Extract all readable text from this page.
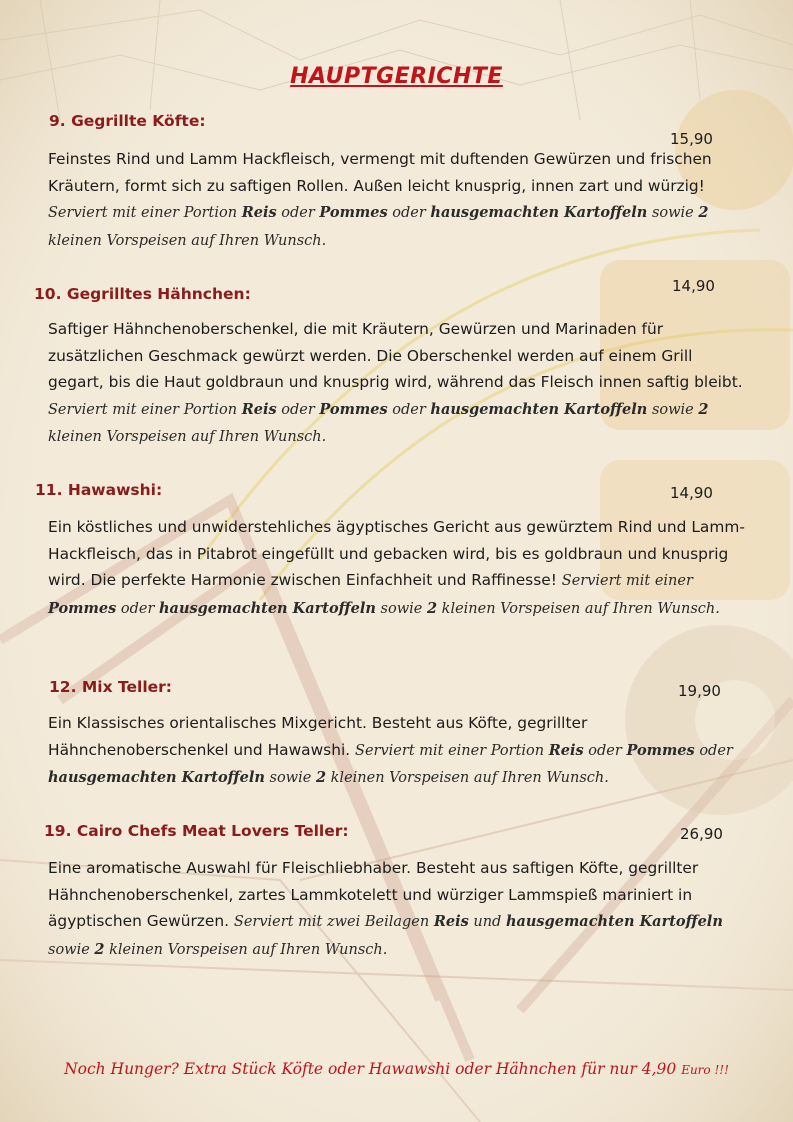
HAUPTGERICHTE
9. Gegrillte Köfte:
15,90
Feinstes Rind und Lamm Hackfleisch, vermengt mit duftenden Gewürzen und frischen Kräutern, formt sich zu saftigen Rollen. Außen leicht knusprig, innen zart und würzig! Serviert mit einer Portion Reis oder Pommes oder hausgemachten Kartoffeln sowie 2 kleinen Vorspeisen auf Ihren Wunsch.
10. Gegrilltes Hähnchen:	14,90
Saftiger Hähnchenoberschenkel, die mit Kräutern, Gewürzen und Marinaden für zusätzlichen Geschmack gewürzt werden. Die Oberschenkel werden auf einem Grill gegart, bis die Haut goldbraun und knusprig wird, während das Fleisch innen saftig bleibt. Serviert mit einer Portion Reis oder Pommes oder hausgemachten Kartoffeln sowie 2 kleinen Vorspeisen auf Ihren Wunsch.
11. Hawawshi:	14,90
Ein köstliches und unwiderstehliches ägyptisches Gericht aus gewürztem Rind und Lamm-Hackfleisch, das in Pitabrot eingefüllt und gebacken wird, bis es goldbraun und knusprig wird. Die perfekte Harmonie zwischen Einfachheit und Raffinesse! Serviert mit einer Pommes oder hausgemachten Kartoffeln sowie 2 kleinen Vorspeisen auf Ihren Wunsch.
12. Mix Teller:	19,90
Ein Klassisches orientalisches Mixgericht. Besteht aus Köfte, gegrillter Hähnchenoberschenkel und Hawawshi. Serviert mit einer Portion Reis oder Pommes oder hausgemachten Kartoffeln sowie 2 kleinen Vorspeisen auf Ihren Wunsch.
19. Cairo Chefs Meat Lovers Teller:	26,90
Eine aromatische Auswahl für Fleischliebhaber. Besteht aus saftigen Köfte, gegrillter Hähnchenoberschenkel, zartes Lammkotelett und würziger Lammspieß mariniert in ägyptischen Gewürzen. Serviert mit zwei Beilagen Reis und hausgemachten Kartoffeln sowie 2 kleinen Vorspeisen auf Ihren Wunsch.
Noch Hunger? Extra Stück Köfte oder Hawawshi oder Hähnchen für nur 4,90 Euro !!!
